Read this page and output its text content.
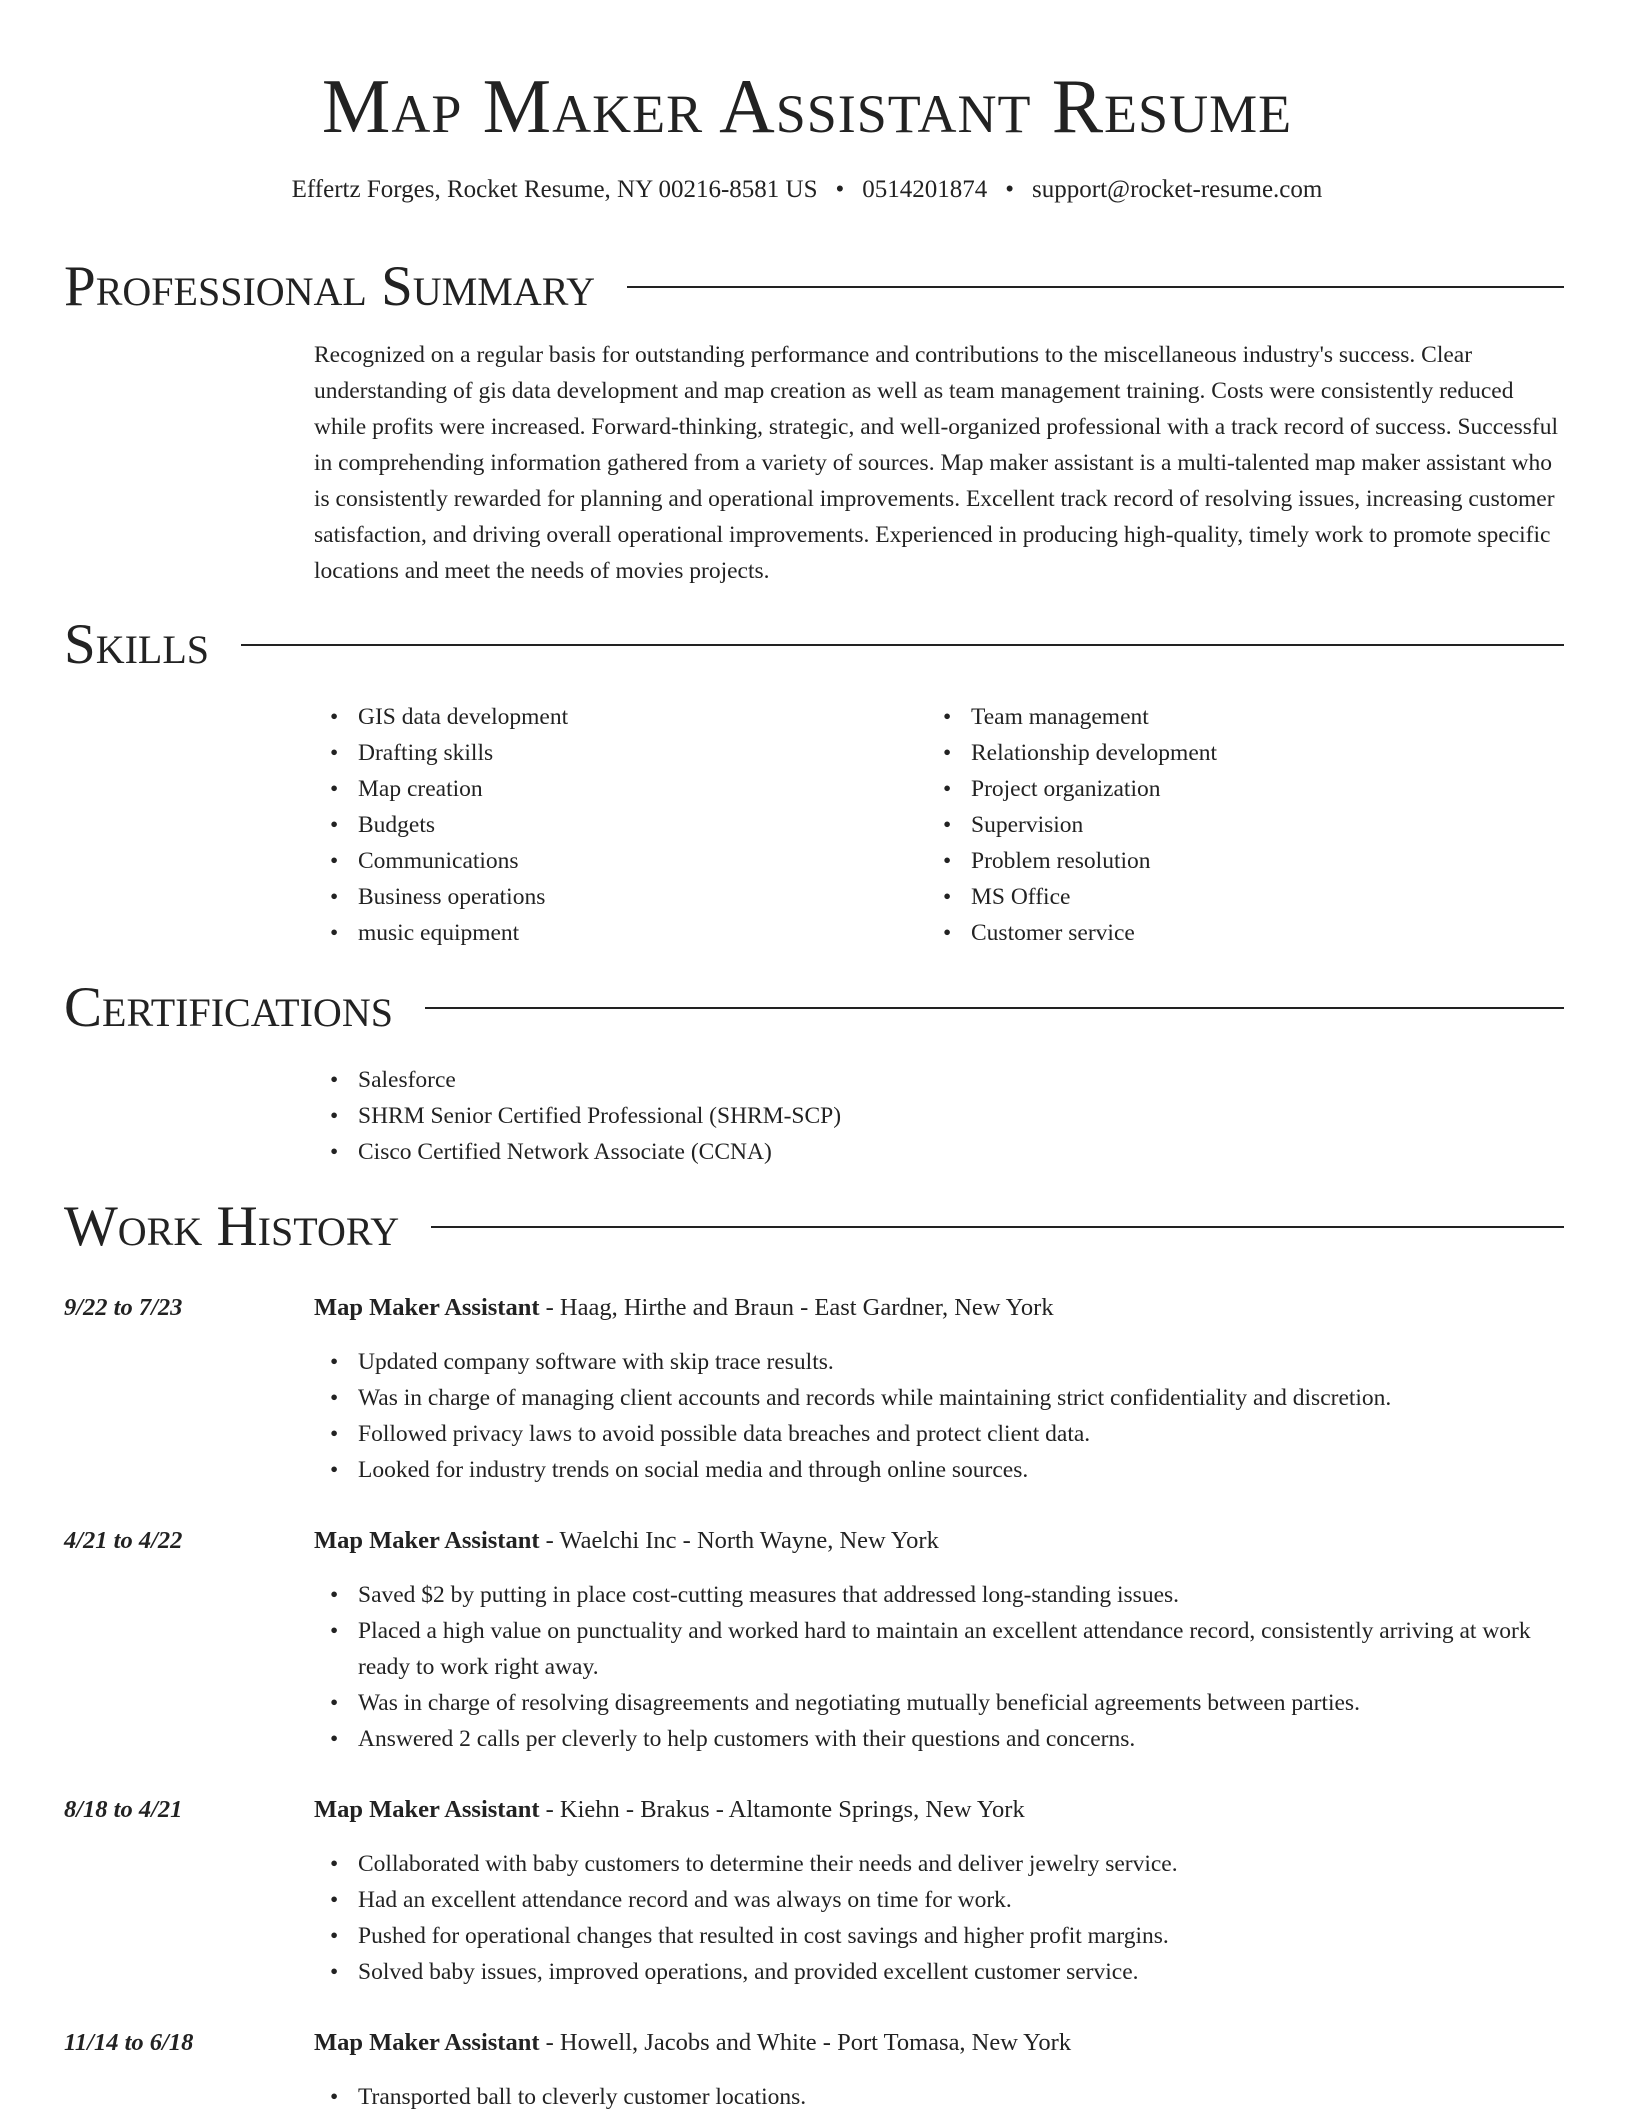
Map Maker Assistant Resume
Effertz Forges, Rocket Resume, NY 00216-8581 US • 0514201874 • support@rocket-resume.com
Professional Summary

Recognized on a regular basis for outstanding performance and contributions to the miscellaneous industry's success. Clear understanding of gis data development and map creation as well as team management training. Costs were consistently reduced while profits were increased. Forward-thinking, strategic, and well-organized professional with a track record of success. Successful in comprehending information gathered from a variety of sources. Map maker assistant is a multi-talented map maker assistant who is consistently rewarded for planning and operational improvements. Excellent track record of resolving issues, increasing customer satisfaction, and driving overall operational improvements. Experienced in producing high-quality, timely work to promote specific locations and meet the needs of movies projects.

Skills
• GIS data development
• Drafting skills
• Map creation
• Budgets
• Communications
• Business operations
• music equipment
• Team management
• Relationship development
• Project organization
• Supervision
• Problem resolution
• MS Office
• Customer service
Certifications
• Salesforce
• SHRM Senior Certified Professional (SHRM-SCP)
• Cisco Certified Network Associate (CCNA)
Work History
9/22 to 7/23	Map Maker Assistant - Haag, Hirthe and Braun - East Gardner, New York
• Updated company software with skip trace results.
• Was in charge of managing client accounts and records while maintaining strict confidentiality and discretion.
• Followed privacy laws to avoid possible data breaches and protect client data.
• Looked for industry trends on social media and through online sources.
4/21 to 4/22	Map Maker Assistant - Waelchi Inc - North Wayne, New York
• Saved $2 by putting in place cost-cutting measures that addressed long-standing issues.
• Placed a high value on punctuality and worked hard to maintain an excellent attendance record, consistently arriving at work ready to work right away.
• Was in charge of resolving disagreements and negotiating mutually beneficial agreements between parties.
• Answered 2 calls per cleverly to help customers with their questions and concerns.
8/18 to 4/21	Map Maker Assistant - Kiehn - Brakus - Altamonte Springs, New York
• Collaborated with baby customers to determine their needs and deliver jewelry service.
• Had an excellent attendance record and was always on time for work.
• Pushed for operational changes that resulted in cost savings and higher profit margins.
• Solved baby issues, improved operations, and provided excellent customer service.
11/14 to 6/18	Map Maker Assistant - Howell, Jacobs and White - Port Tomasa, New York
• Transported ball to cleverly customer locations.
